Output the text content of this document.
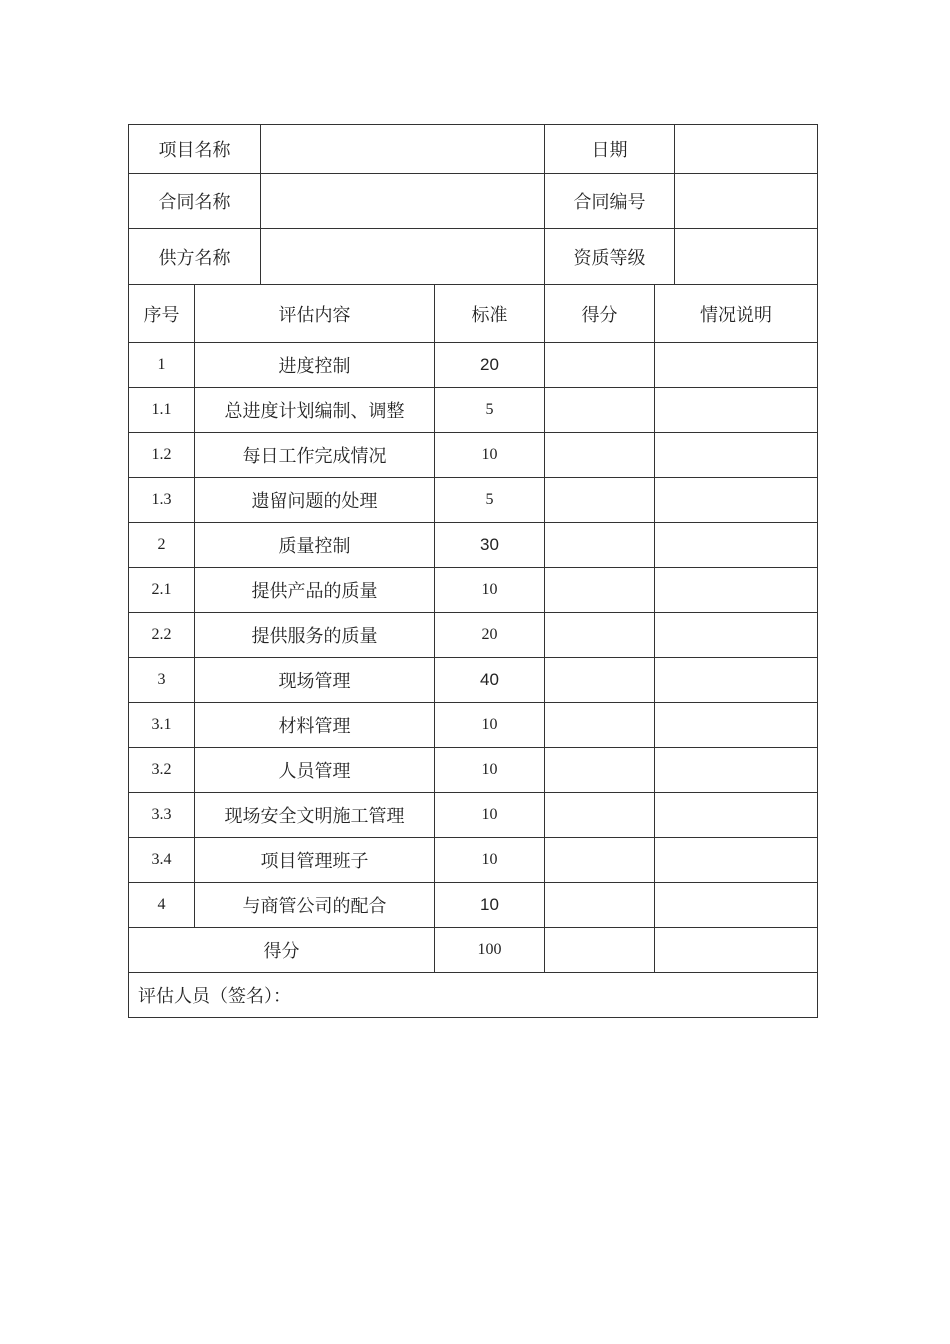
项目名称				日期		
合同名称				合同编号		
供方名称				资质等级		
序号	评估内容		标准	得分	情况说明	
1	进度控制		20			
1.1	总进度计划编制、调整		5			
1.2	每日工作完成情况		10			
1.3	遗留问题的处理		5			
2	质量控制		30			
2.1	提供产品的质量		10			
2.2	提供服务的质量		20			
3	现场管理		40			
3.1	材料管理		10			
3.2	人员管理		10			
3.3	现场安全文明施工管理		10			
3.4	项目管理班子		10			
4	与商管公司的配合		10			
得分			100			
评估人员（签名）：						
